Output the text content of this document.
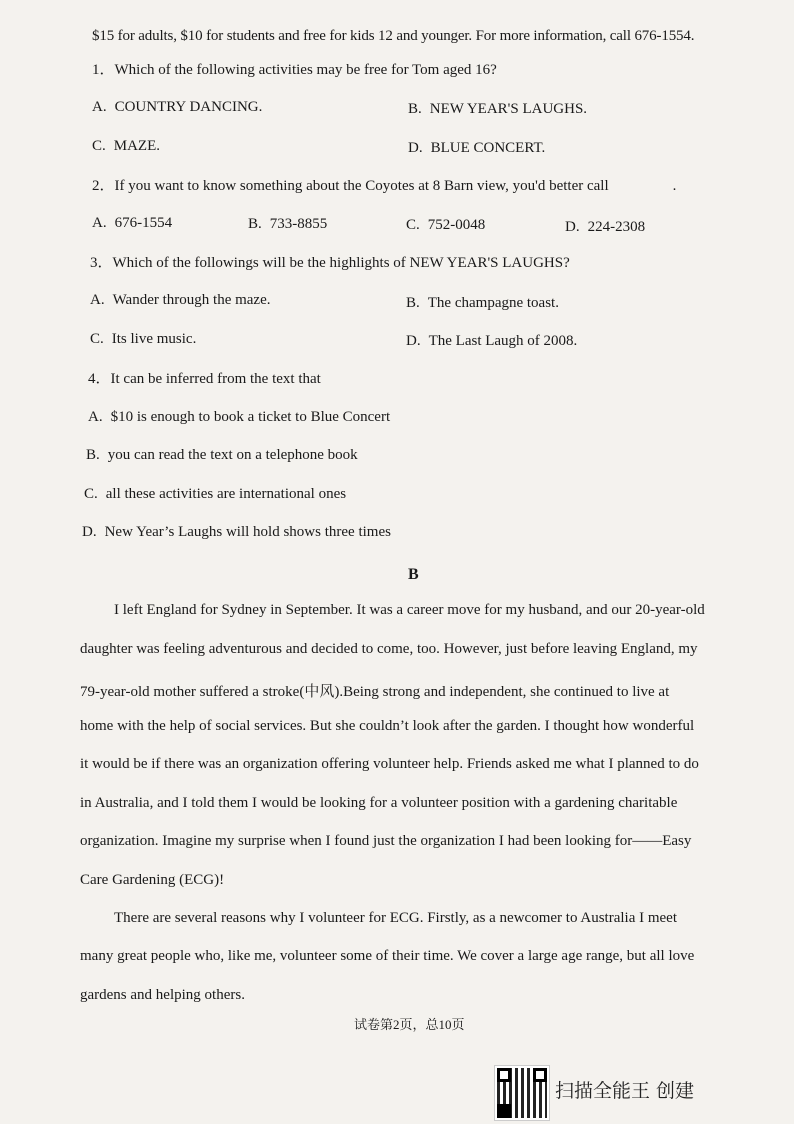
$15 for adults, $10 for students and free for kids 12 and younger. For more information, call 676-1554.
1．Which of the following activities may be free for Tom aged 16?
A. COUNTRY DANCING.	B. NEW YEAR'S LAUGHS.
C. MAZE.	D. BLUE CONCERT.
2．If you want to know something about the Coyotes at 8 Barn view, you'd better call	.
A. 676-1554	B. 733-8855	C. 752-0048	D. 224-2308
3．Which of the followings will be the highlights of NEW YEAR'S LAUGHS?
A. Wander through the maze.	B. The champagne toast.
C. Its live music.	D. The Last Laugh of 2008.
4．It can be inferred from the text that
A. $10 is enough to book a ticket to Blue Concert
B. you can read the text on a telephone book
C. all these activities are international ones
D. New Year’s Laughs will hold shows three times
B
I left England for Sydney in September. It was a career move for my husband, and our 20-year-old
daughter was feeling adventurous and decided to come, too. However, just before leaving England, my
79-year-old mother suffered a stroke(中风).Being strong and independent, she continued to live at
home with the help of social services. But she couldn’t look after the garden. I thought how wonderful
it would be if there was an organization offering volunteer help. Friends asked me what I planned to do
in Australia, and I told them I would be looking for a volunteer position with a gardening charitable
organization. Imagine my surprise when I found just the organization I had been looking for——Easy
Care Gardening (ECG)!
There are several reasons why I volunteer for ECG. Firstly, as a newcomer to Australia I meet
many great people who, like me, volunteer some of their time. We cover a large age range, but all love
gardens and helping others.
试卷第2页，总10页
扫描全能王 创建
